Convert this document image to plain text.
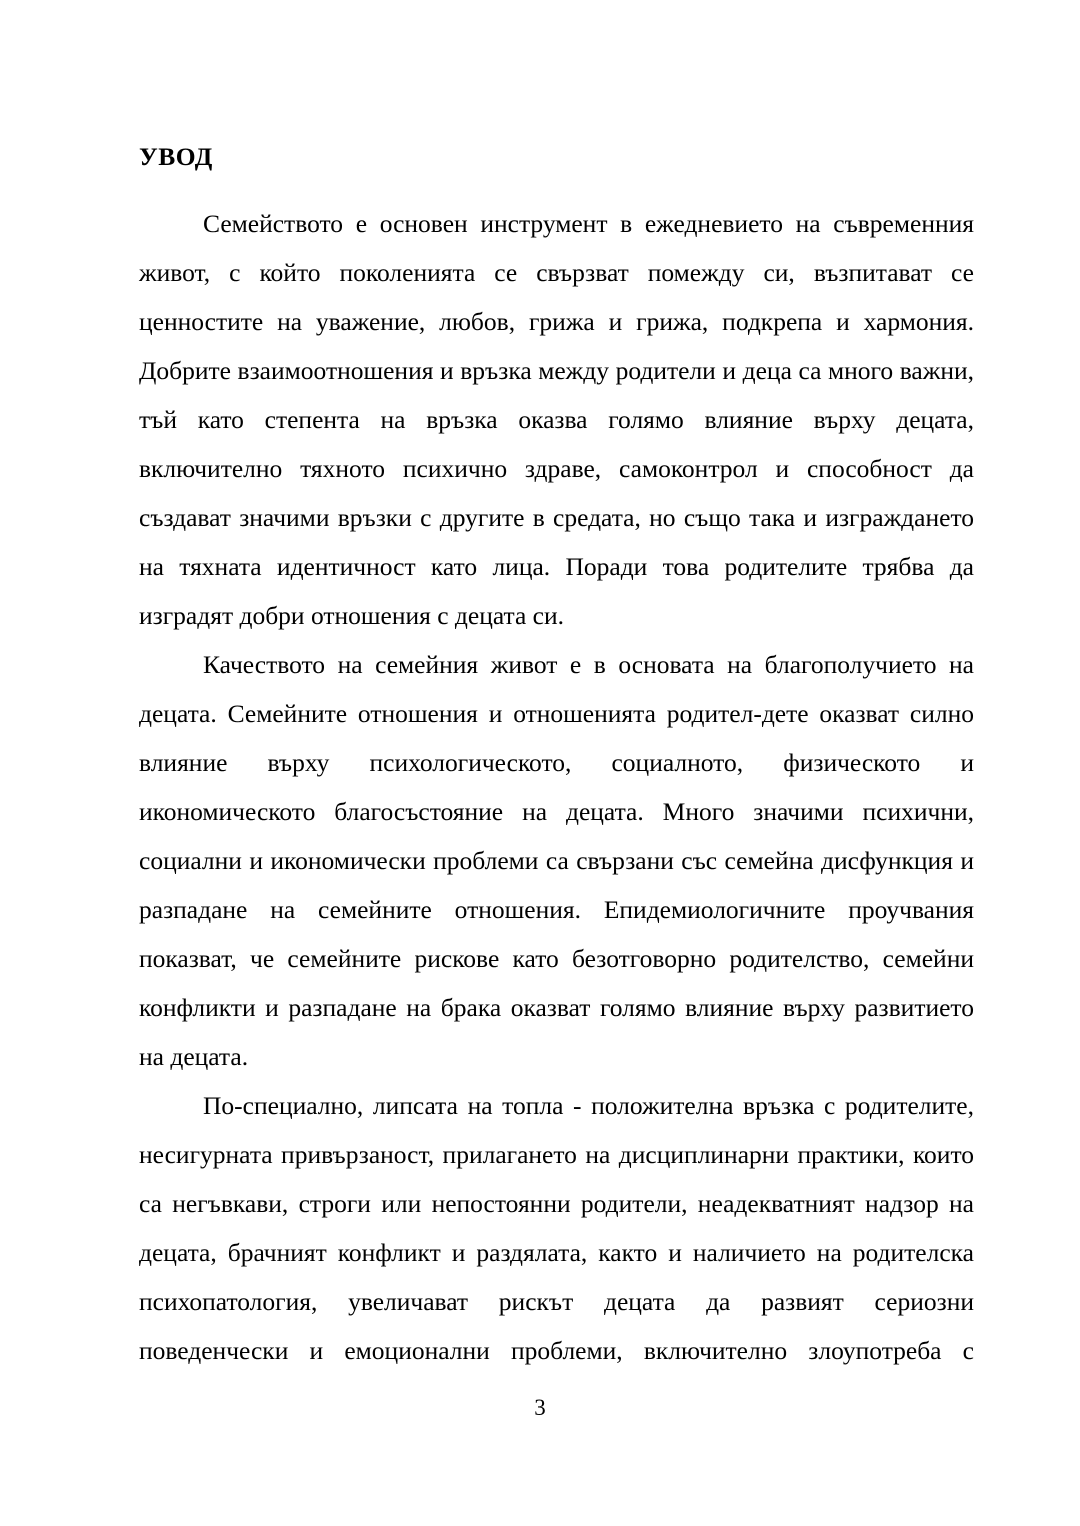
УВОД

Семейството е основен инструмент в ежедневието на съвременния живот, с който поколенията се свързват помежду си, възпитават се ценностите на уважение, любов, грижа и грижа, подкрепа и хармония. Добрите взаимоотношения и връзка между родители и деца са много важни, тъй като степента на връзка оказва голямо влияние върху децата, включително тяхното психично здраве, самоконтрол и способност да създават значими връзки с другите в средата, но също така и изграждането на тяхната идентичност като лица. Поради това родителите трябва да изградят добри отношения с децата си.

Качеството на семейния живот е в основата на благополучието на децата. Семейните отношения и отношенията родител-дете оказват силно влияние върху психологическото, социалното, физическото и икономическото благосъстояние на децата. Много значими психични, социални и икономически проблеми са свързани със семейна дисфункция и разпадане на семейните отношения. Епидемиологичните проучвания показват, че семейните рискове като безотговорно родителство, семейни конфликти и разпадане на брака оказват голямо влияние върху развитието на децата.

По-специално, липсата на топла - положителна връзка с родителите, несигурната привързаност, прилагането на дисциплинарни практики, които са негъвкави, строги или непостоянни родители, неадекватният надзор на децата, брачният конфликт и раздялата, както и наличието на родителска психопатология, увеличават рискът децата да развият сериозни поведенчески и емоционални проблеми, включително злоупотреба с

3
